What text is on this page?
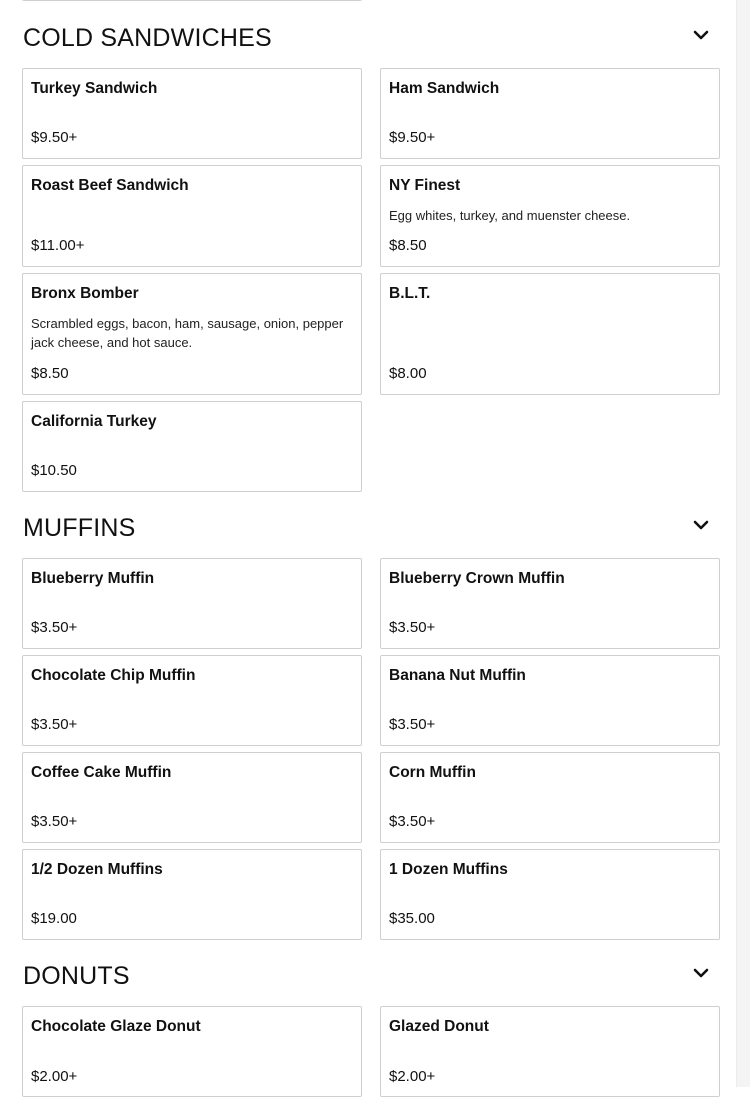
COLD SANDWICHES

Turkey Sandwich

$9.50+

Ham Sandwich

$9.50+

Roast Beef Sandwich

$11.00+

NY Finest

Egg whites, turkey, and muenster cheese.

$8.50

Bronx Bomber

Scrambled eggs, bacon, ham, sausage, onion, pepper jack cheese, and hot sauce.

$8.50

B.L.T.

$8.00

California Turkey

$10.50

MUFFINS

Blueberry Muffin

$3.50+

Blueberry Crown Muffin

$3.50+

Chocolate Chip Muffin

$3.50+

Banana Nut Muffin

$3.50+

Coffee Cake Muffin

$3.50+

Corn Muffin

$3.50+

1/2 Dozen Muffins

$19.00

1 Dozen Muffins

$35.00

DONUTS

Chocolate Glaze Donut

$2.00+

Glazed Donut

$2.00+
